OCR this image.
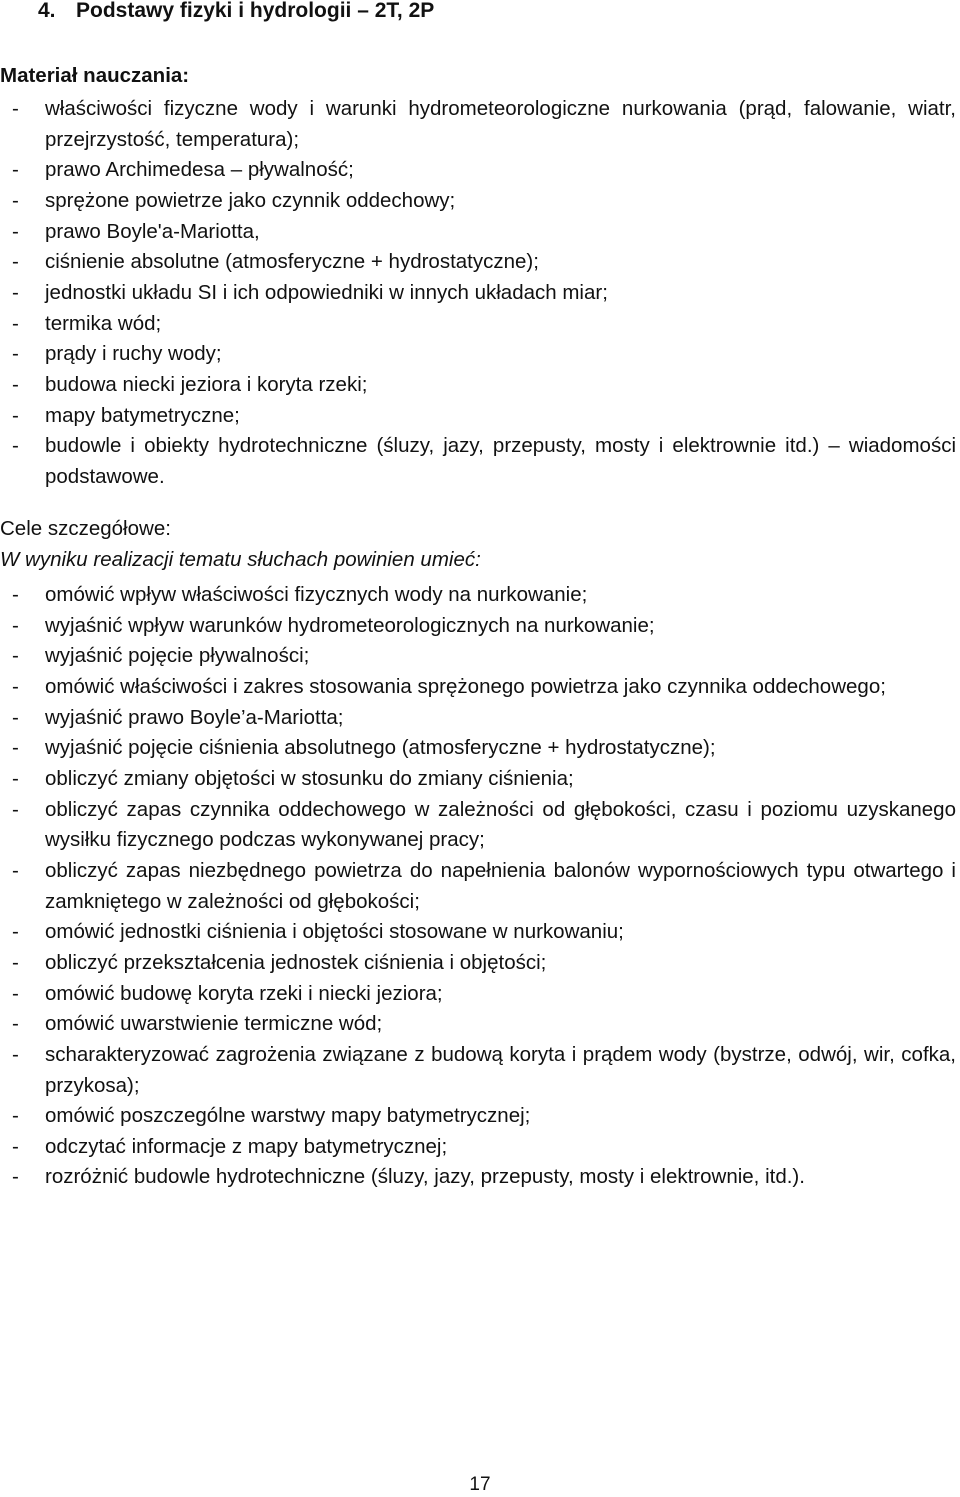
4. Podstawy fizyki i hydrologii – 2T, 2P
Materiał nauczania:
- właściwości fizyczne wody i warunki hydrometeorologiczne nurkowania (prąd, falowanie, wiatr, przejrzystość, temperatura);
- prawo Archimedesa – pływalność;
- sprężone powietrze jako czynnik oddechowy;
- prawo Boyle'a-Mariotta,
- ciśnienie absolutne (atmosferyczne + hydrostatyczne);
- jednostki układu SI i ich odpowiedniki w innych układach miar;
- termika wód;
- prądy i ruchy wody;
- budowa niecki jeziora i koryta rzeki;
- mapy batymetryczne;
- budowle i obiekty hydrotechniczne (śluzy, jazy, przepusty, mosty i elektrownie itd.) – wiadomości podstawowe.
Cele szczegółowe:
W wyniku realizacji tematu słuchach powinien umieć:
- omówić wpływ właściwości fizycznych wody na nurkowanie;
- wyjaśnić wpływ warunków hydrometeorologicznych na nurkowanie;
- wyjaśnić pojęcie pływalności;
- omówić właściwości i zakres stosowania sprężonego powietrza jako czynnika oddechowego;
- wyjaśnić prawo Boyle’a-Mariotta;
- wyjaśnić pojęcie ciśnienia absolutnego (atmosferyczne + hydrostatyczne);
- obliczyć zmiany objętości w stosunku do zmiany ciśnienia;
- obliczyć zapas czynnika oddechowego w zależności od głębokości, czasu i poziomu uzyskanego wysiłku fizycznego podczas wykonywanej pracy;
- obliczyć zapas niezbędnego powietrza do napełnienia balonów wypornościowych typu otwartego i zamkniętego w zależności od głębokości;
- omówić jednostki ciśnienia i objętości stosowane w nurkowaniu;
- obliczyć przekształcenia jednostek ciśnienia i objętości;
- omówić budowę koryta rzeki i niecki jeziora;
- omówić uwarstwienie termiczne wód;
- scharakteryzować zagrożenia związane z budową koryta i prądem wody (bystrze, odwój, wir, cofka, przykosa);
- omówić poszczególne warstwy mapy batymetrycznej;
- odczytać informacje z mapy batymetrycznej;
- rozróżnić budowle hydrotechniczne (śluzy, jazy, przepusty, mosty i elektrownie, itd.).
17
